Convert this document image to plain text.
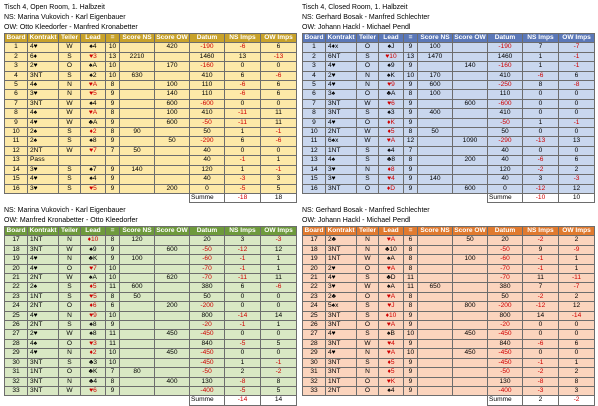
Tisch 4, Open Room, 1. Halbzeit
NS: Marina Vukovich - Karl Eigenbauer
OW: Otto Kleedorfer - Manfred Kronabetter
Board	Kontrakt	Teiler	Lead	=	Score NS	Score OW	Datum	NS Imps	OW Imps
1	4♥	W	♠4	10		420	-190	-6	6
2	6♦	S	♥3	13	2210		1460	13	-13
3	2♥	O	♠A	10		170	-160	0	0
4	3NT	S	♠2	10	630		410	6	-6
5	4♠	N	♥A	8		100	110	-6	6
6	3♥	N	♥5	9		140	110	-6	6
7	3NT	W	♠4	9		600	-600	0	0
8	4♠	W	♥A	8		100	410	-11	11
9	4♥	W	♣A	9		600	-50	-11	11
10	2♠	S	♦2	8	90		50	1	-1
11	2♠	S	♠8	9		50	-290	6	-6
12	2NT	W	♥7	7	50		40	0	0
13	Pass						40	-1	1
14	3♥	S	♠7	9	140		120	1	-1
15	4♥	S	♠4	9			40	-3	3
16	3♥	S	♥5	9		200	0	-5	5
							Summe	-18	18
Tisch 4, Closed Room, 1. Halbzeit
NS: Gerhard Bosak - Manfred Schlechter
OW: Johann Hackl - Michael Pendl
Board	Kontrakt	Teiler	Lead	=	Score NS	Score OW	Datum	NS Imps	OW Imps
1	4♦x	O	♠J	9	100		-190	7	-7
2	6NT	S	♥10	13	1470		1460	1	-1
3	4♥	O	♠9	9		140	-160	1	-1
4	2♥	N	♠K	10	170		410	-6	6
5	4♥	N	♥9	9	600		-250	8	-8
6	3♠	O	♣A	8	100		110	0	0
7	3NT	W	♥6	9		600	-600	0	0
8	3NT	S	♠3	9	400		410	0	0
9	4♥	O	♦K	9			-50	1	-1
10	2NT	W	♦5	8	50		50	0	0
11	6♠x	W	♥A	12		1090	-290	-13	13
12	1NT	S	♠4	7			40	0	0
13	4♠	S	♣8	8		200	40	-6	6
14	3♥	N	♦8	9			120	-2	2
15	3♥	S	♥4	9	140		40	3	-3
16	3NT	O	♦D	9		600	0	-12	12
							Summe	-10	10
NS: Marina Vukovich - Karl Eigenbauer
OW: Manfred Kronabetter - Otto Kleedorfer
Board	Kontrakt	Teiler	Lead	=	Score NS	Score OW	Datum	NS Imps	OW Imps
17	1NT	N	♦10	8	120		20	3	-3
18	3NT	W	♠9	9		600	-50	-12	12
19	4♥	N	♣K	9	100		-60	-1	1
20	4♥	O	♥7	10			-70	-1	1
21	2NT	W	♠A	10		620	-70	-11	11
22	2♠	S	♦5	11	600		380	6	-6
23	1NT	S	♥5	8	50		50	0	0
24	2NT	O	♦6	6		200	-200	0	0
25	4♥	N	♥9	10			800	-14	14
26	2NT	S	♠8	9			-20	-1	1
27	2♥	W	♠8	11		450	-450	0	0
28	4♠	O	♥3	11			840	-5	5
29	4♥	N	♦2	10		450	-450	0	0
30	3NT	S	♣3	10			-450	1	-1
31	1NT	O	♣K	7	80		-50	2	-2
32	3NT	N	♣4	8		400	130	-8	8
33	3NT	W	♥6	9			-400	-5	5
							Summe	-14	14
NS: Gerhard Bosak - Manfred Schlechter
OW: Johann Hackl - Michael Pendl
Board	Kontrakt	Teiler	Lead	=	Score NS	Score OW	Datum	NS Imps	OW Imps
17	2♣	N	♥A	6		50	20	-2	2
18	3NT	N	♣10	8			-50	9	-9
19	1NT	W	♠A	8		100	-60	-1	1
20	2♥	O	♥A	8			-70	-1	1
21	4♥	S	♣D	11			-70	11	-11
22	3♥	W	♠A	11	650		380	7	-7
23	2♣	O	♥A	8			50	-2	2
24	5♠x	S	♥J	8		800	-200	-12	12
25	3NT	S	♦10	9			800	14	-14
26	3NT	O	♥A	9			-20	0	0
27	4♥	S	♠B	10		450	-450	0	0
28	3NT	W	♥4	9			840	-6	6
29	4♥	N	♥A	10		450	-450	0	0
30	3NT	S	♦5	9			-450	-1	1
31	3NT	N	♦5	9			-50	-2	2
32	1NT	O	♥K	9			130	-8	8
33	2NT	O	♠4	9			-400	-3	3
							Summe	2	-2
